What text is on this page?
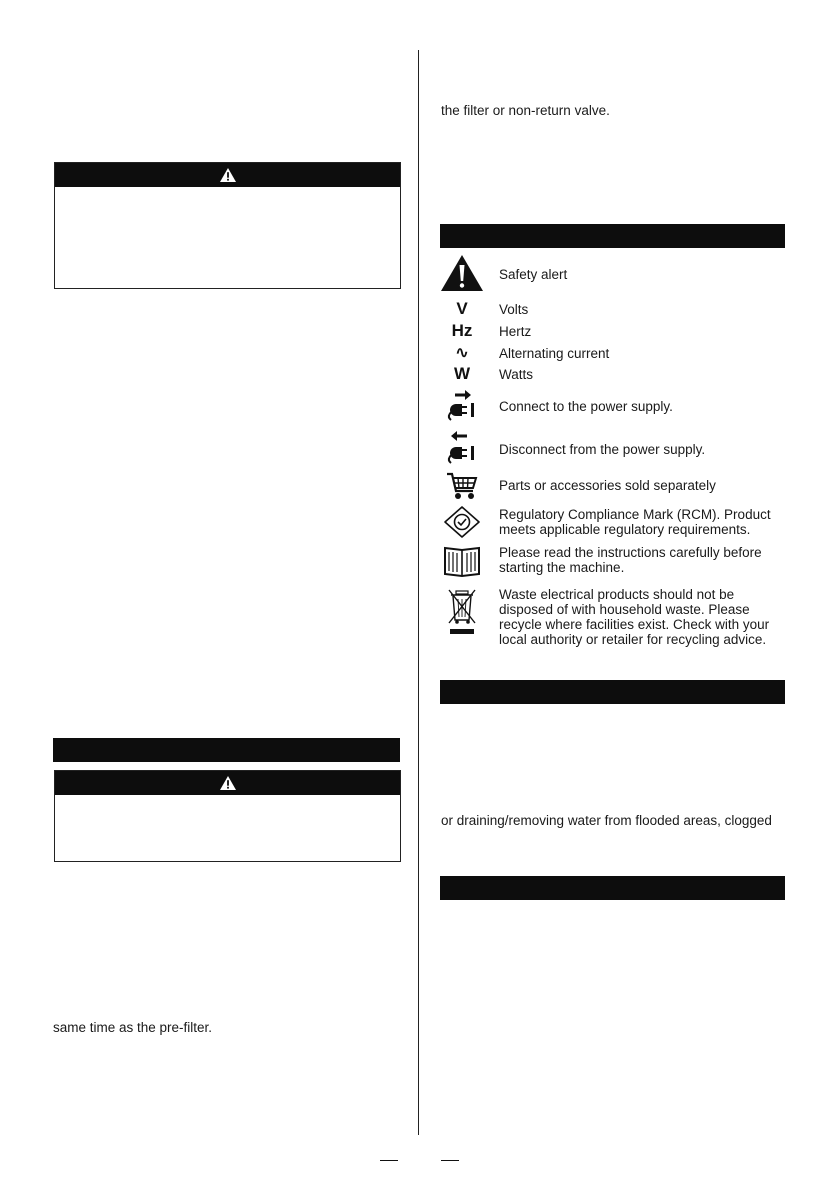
same time as the pre-filter.
the filter or non-return valve.
Safety alert
V Volts
Hz Hertz
∿ Alternating current
W Watts
Connect to the power supply.
Disconnect from the power supply.
Parts or accessories sold separately
Regulatory Compliance Mark (RCM). Product
meets applicable regulatory requirements.
Please read the instructions carefully before
starting the machine.
Waste electrical products should not be
disposed of with household waste. Please
recycle where facilities exist. Check with your
local authority or retailer for recycling advice.
or draining/removing water from flooded areas, clogged
